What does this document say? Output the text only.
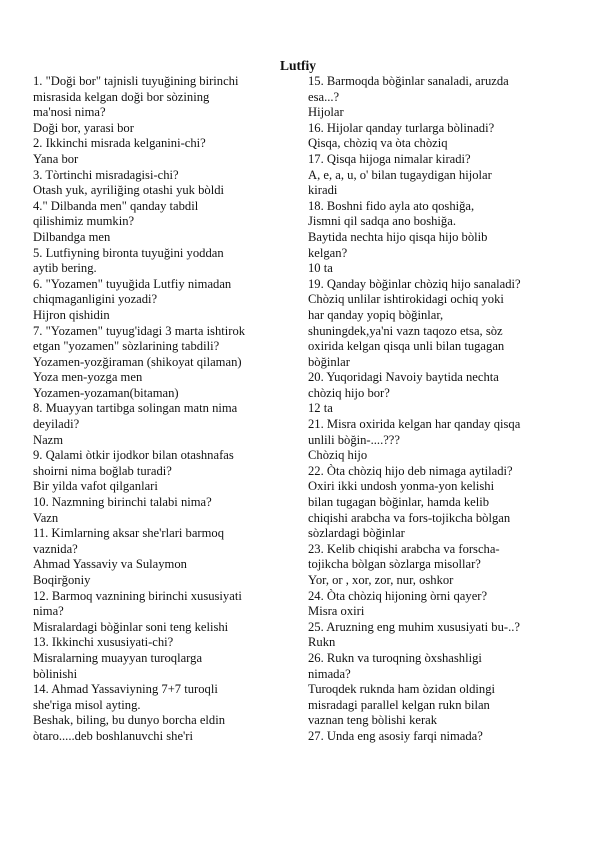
Lutfiy
1. "Doği bor" tajnisli tuyuğining birinchi
misrasida kelgan doği bor sòzining
ma'nosi nima?
Doği bor, yarasi bor
2. Ikkinchi misrada kelganini-chi?
Yana bor
3. Tòrtinchi misradagisi-chi?
Otash yuk, ayriliğing otashi yuk bòldi
4." Dilbanda men" qanday tabdil
qilishimiz mumkin?
Dilbandga men
5. Lutfiyning bironta tuyuğini yoddan
aytib bering.
6. "Yozamen" tuyuğida Lutfiy nimadan
chiqmaganligini yozadi?
Hijron qishidin
7. "Yozamen" tuyug'idagi 3 marta ishtirok
etgan "yozamen" sòzlarining tabdili?
Yozamen-yozğiraman (shikoyat qilaman)
Yoza men-yozga men
Yozamen-yozaman(bitaman)
8. Muayyan tartibga solingan matn nima
deyiladi?
Nazm
9. Qalami òtkir ijodkor bilan otashnafas
shoirni nima boğlab turadi?
Bir yilda vafot qilganlari
10. Nazmning birinchi talabi nima?
Vazn
11. Kimlarning aksar she'rlari barmoq
vaznida?
Ahmad Yassaviy va Sulaymon
Boqirğoniy
12. Barmoq vaznining birinchi xususiyati
nima?
Misralardagi bòğinlar soni teng kelishi
13. Ikkinchi xususiyati-chi?
Misralarning muayyan turoqlarga
bòlinishi
14. Ahmad Yassaviyning 7+7 turoqli
she'riga misol ayting.
Beshak, biling, bu dunyo borcha eldin
òtaro.....deb boshlanuvchi she'ri
15. Barmoqda bòğinlar sanaladi, aruzda
esa...?
Hijolar
16. Hijolar qanday turlarga bòlinadi?
Qisqa, chòziq va òta chòziq
17. Qisqa hijoga nimalar kiradi?
A, e, a, u, o' bilan tugaydigan hijolar
kiradi
18. Boshni fido ayla ato qoshiğa,
Jismni qil sadqa ano boshiğa.
Baytida nechta hijo qisqa hijo bòlib
kelgan?
10 ta
19. Qanday bòğinlar chòziq hijo sanaladi?
Chòziq unlilar ishtirokidagi ochiq yoki
har qanday yopiq bòğinlar,
shuningdek,ya'ni vazn taqozo etsa, sòz
oxirida kelgan qisqa unli bilan tugagan
bòğinlar
20. Yuqoridagi Navoiy baytida nechta
chòziq hijo bor?
12 ta
21. Misra oxirida kelgan har qanday qisqa
unlili bòğin-....???
Chòziq hijo
22. Òta chòziq hijo deb nimaga aytiladi?
Oxiri ikki undosh yonma-yon kelishi
bilan tugagan bòğinlar, hamda kelib
chiqishi arabcha va fors-tojikcha bòlgan
sòzlardagi bòğinlar
23. Kelib chiqishi arabcha va forscha-
tojikcha bòlgan sòzlarga misollar?
Yor, or , xor, zor, nur, oshkor
24. Òta chòziq hijoning òrni qayer?
Misra oxiri
25. Aruzning eng muhim xususiyati bu-..?
Rukn
26. Rukn va turoqning òxshashligi
nimada?
Turoqdek ruknda ham òzidan oldingi
misradagi parallel kelgan rukn bilan
vaznan teng bòlishi kerak
27. Unda eng asosiy farqi nimada?
